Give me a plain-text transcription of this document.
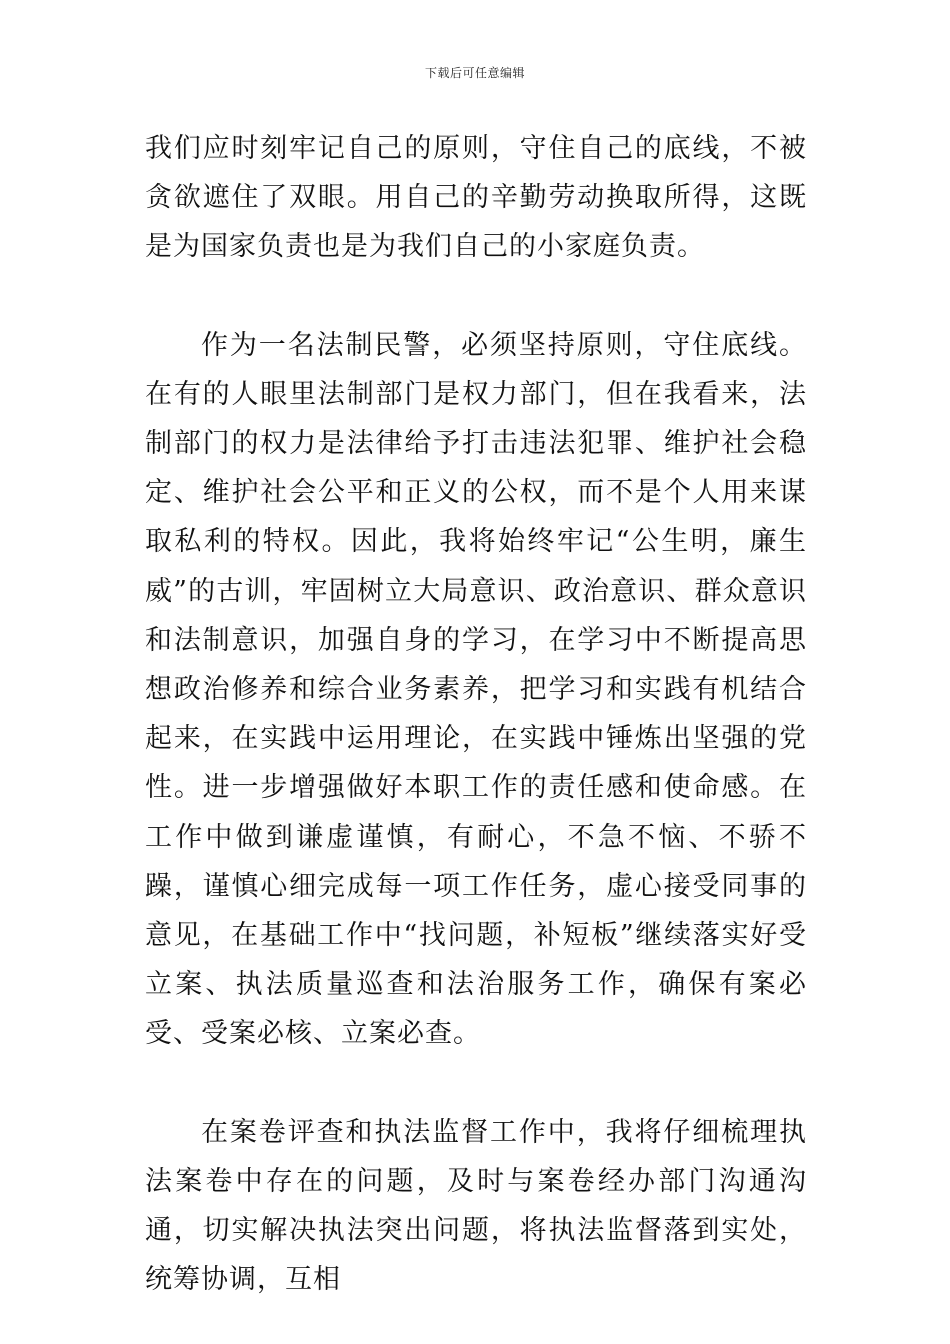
下载后可任意编辑

我们应时刻牢记自己的原则，守住自己的底线，不被贪欲遮住了双眼。用自己的辛勤劳动换取所得，这既是为国家负责也是为我们自己的小家庭负责。

作为一名法制民警，必须坚持原则，守住底线。在有的人眼里法制部门是权力部门，但在我看来，法制部门的权力是法律给予打击违法犯罪、维护社会稳定、维护社会公平和正义的公权，而不是个人用来谋取私利的特权。因此，我将始终牢记“公生明，廉生威”的古训，牢固树立大局意识、政治意识、群众意识和法制意识，加强自身的学习，在学习中不断提高思想政治修养和综合业务素养，把学习和实践有机结合起来，在实践中运用理论，在实践中锤炼出坚强的党性。进一步增强做好本职工作的责任感和使命感。在工作中做到谦虚谨慎，有耐心，不急不恼、不骄不躁，谨慎心细完成每一项工作任务，虚心接受同事的意见，在基础工作中“找问题，补短板”继续落实好受立案、执法质量巡查和法治服务工作，确保有案必受、受案必核、立案必查。

在案卷评查和执法监督工作中，我将仔细梳理执法案卷中存在的问题，及时与案卷经办部门沟通沟通，切实解决执法突出问题，将执法监督落到实处，统筹协调，互相
